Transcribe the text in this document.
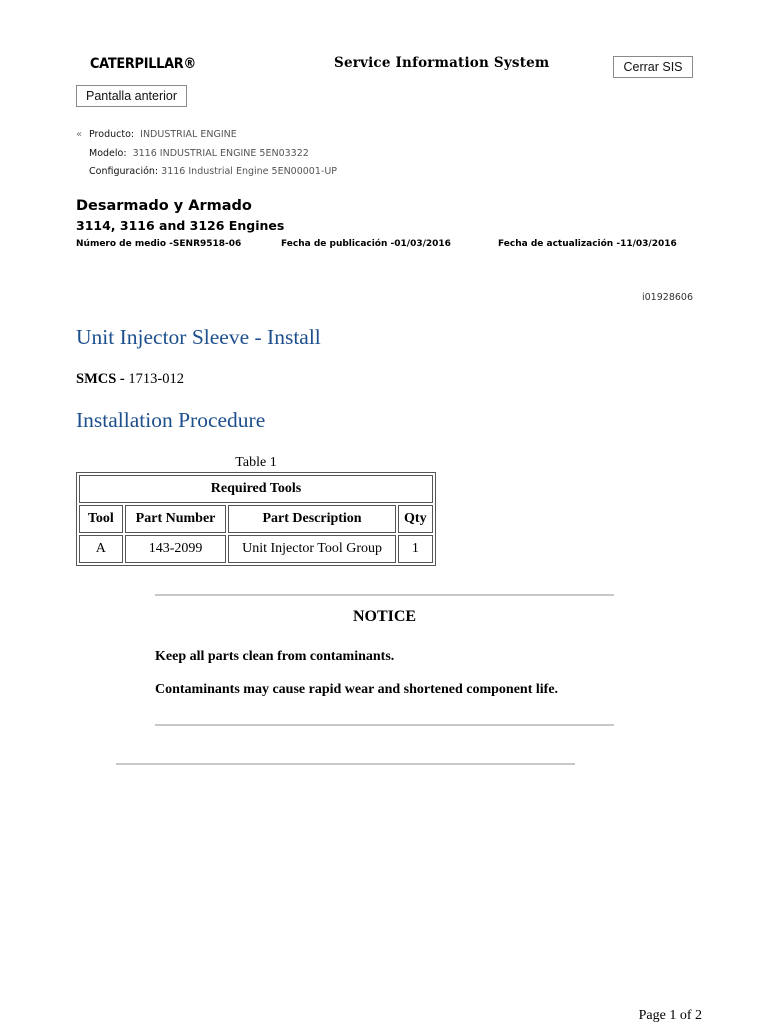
CATERPILLAR®	Service Information System	Cerrar SIS
Pantalla anterior
« Producto: INDUSTRIAL ENGINE
Modelo: 3116 INDUSTRIAL ENGINE 5EN03322
Configuración: 3116 Industrial Engine 5EN00001-UP
Desarmado y Armado
3114, 3116 and 3126 Engines
Número de medio -SENR9518-06	Fecha de publicación -01/03/2016	Fecha de actualización -11/03/2016
i01928606
Unit Injector Sleeve - Install
SMCS - 1713-012
Installation Procedure
Table 1
Required Tools			
Tool	Part Number	Part Description	Qty
A	143-2099	Unit Injector Tool Group	1
NOTICE
Keep all parts clean from contaminants.
Contaminants may cause rapid wear and shortened component life.
Page 1 of 2
